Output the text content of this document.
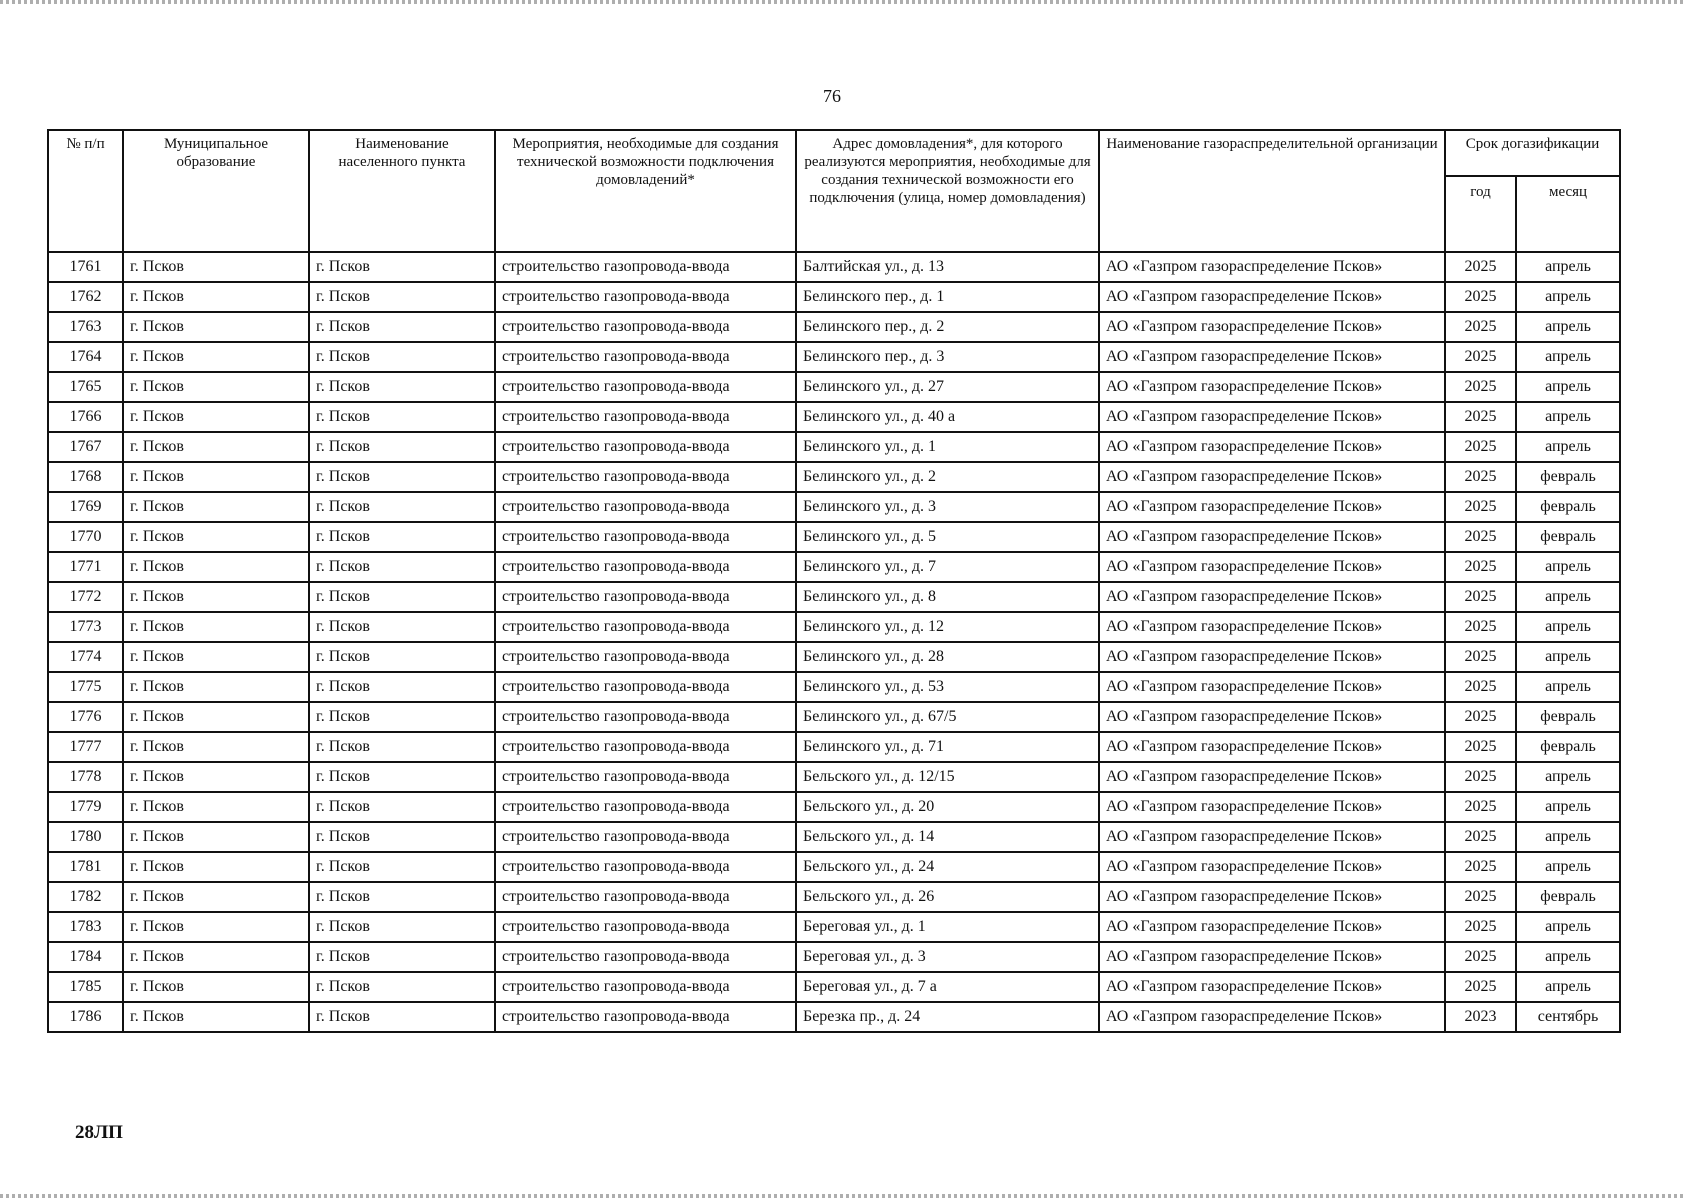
76
№ п/п	Муниципальное образование	Наименование населенного пункта	Мероприятия, необходимые для создания технической возможности подключения домовладений*	Адрес домовладения*, для которого реализуются мероприятия, необходимые для создания технической возможности его подключения (улица, номер домовладения)	Наименование газораспределительной организации	Срок догазификации	
						год	месяц
1761	г. Псков	г. Псков	строительство газопровода-ввода	Балтийская ул., д. 13	АО «Газпром газораспределение Псков»	2025	апрель
1762	г. Псков	г. Псков	строительство газопровода-ввода	Белинского пер., д. 1	АО «Газпром газораспределение Псков»	2025	апрель
1763	г. Псков	г. Псков	строительство газопровода-ввода	Белинского пер., д. 2	АО «Газпром газораспределение Псков»	2025	апрель
1764	г. Псков	г. Псков	строительство газопровода-ввода	Белинского пер., д. 3	АО «Газпром газораспределение Псков»	2025	апрель
1765	г. Псков	г. Псков	строительство газопровода-ввода	Белинского ул., д. 27	АО «Газпром газораспределение Псков»	2025	апрель
1766	г. Псков	г. Псков	строительство газопровода-ввода	Белинского ул., д. 40 а	АО «Газпром газораспределение Псков»	2025	апрель
1767	г. Псков	г. Псков	строительство газопровода-ввода	Белинского ул., д. 1	АО «Газпром газораспределение Псков»	2025	апрель
1768	г. Псков	г. Псков	строительство газопровода-ввода	Белинского ул., д. 2	АО «Газпром газораспределение Псков»	2025	февраль
1769	г. Псков	г. Псков	строительство газопровода-ввода	Белинского ул., д. 3	АО «Газпром газораспределение Псков»	2025	февраль
1770	г. Псков	г. Псков	строительство газопровода-ввода	Белинского ул., д. 5	АО «Газпром газораспределение Псков»	2025	февраль
1771	г. Псков	г. Псков	строительство газопровода-ввода	Белинского ул., д. 7	АО «Газпром газораспределение Псков»	2025	апрель
1772	г. Псков	г. Псков	строительство газопровода-ввода	Белинского ул., д. 8	АО «Газпром газораспределение Псков»	2025	апрель
1773	г. Псков	г. Псков	строительство газопровода-ввода	Белинского ул., д. 12	АО «Газпром газораспределение Псков»	2025	апрель
1774	г. Псков	г. Псков	строительство газопровода-ввода	Белинского ул., д. 28	АО «Газпром газораспределение Псков»	2025	апрель
1775	г. Псков	г. Псков	строительство газопровода-ввода	Белинского ул., д. 53	АО «Газпром газораспределение Псков»	2025	апрель
1776	г. Псков	г. Псков	строительство газопровода-ввода	Белинского ул., д. 67/5	АО «Газпром газораспределение Псков»	2025	февраль
1777	г. Псков	г. Псков	строительство газопровода-ввода	Белинского ул., д. 71	АО «Газпром газораспределение Псков»	2025	февраль
1778	г. Псков	г. Псков	строительство газопровода-ввода	Бельского ул., д. 12/15	АО «Газпром газораспределение Псков»	2025	апрель
1779	г. Псков	г. Псков	строительство газопровода-ввода	Бельского ул., д. 20	АО «Газпром газораспределение Псков»	2025	апрель
1780	г. Псков	г. Псков	строительство газопровода-ввода	Бельского ул., д. 14	АО «Газпром газораспределение Псков»	2025	апрель
1781	г. Псков	г. Псков	строительство газопровода-ввода	Бельского ул., д. 24	АО «Газпром газораспределение Псков»	2025	апрель
1782	г. Псков	г. Псков	строительство газопровода-ввода	Бельского ул., д. 26	АО «Газпром газораспределение Псков»	2025	февраль
1783	г. Псков	г. Псков	строительство газопровода-ввода	Береговая ул., д. 1	АО «Газпром газораспределение Псков»	2025	апрель
1784	г. Псков	г. Псков	строительство газопровода-ввода	Береговая ул., д. 3	АО «Газпром газораспределение Псков»	2025	апрель
1785	г. Псков	г. Псков	строительство газопровода-ввода	Береговая ул., д. 7 а	АО «Газпром газораспределение Псков»	2025	апрель
1786	г. Псков	г. Псков	строительство газопровода-ввода	Березка пр., д. 24	АО «Газпром газораспределение Псков»	2023	сентябрь
28ЛП
